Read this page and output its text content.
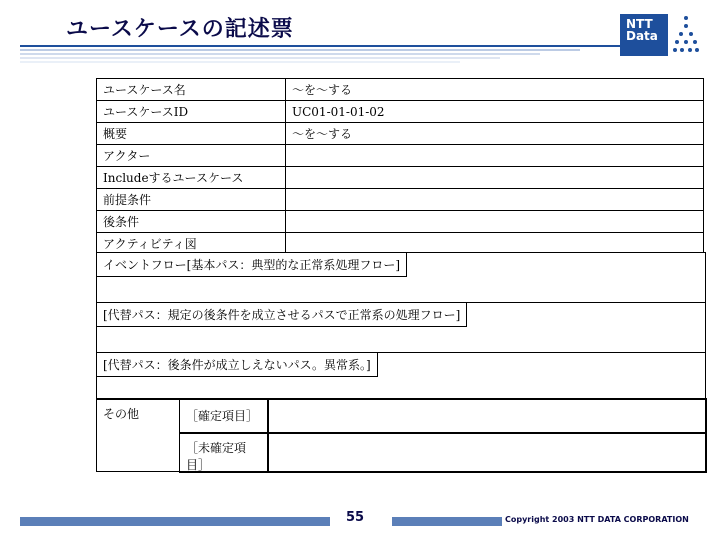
ユースケースの記述票	NTT
Data
ユースケース名	～を～する
ユースケースID	UC01-01-01-02
概要	～を～する
アクター	
Includeするユースケース	
前提条件	
後条件	
アクティビティ図	
イベントフロー[基本パス：典型的な正常系処理フロー]
[代替パス：規定の後条件を成立させるパスで正常系の処理フロー]
[代替パス：後条件が成立しえないパス。異常系。]
その他	［確定項目］
［未確定項目］
55	Copyright 2003 NTT DATA CORPORATION
